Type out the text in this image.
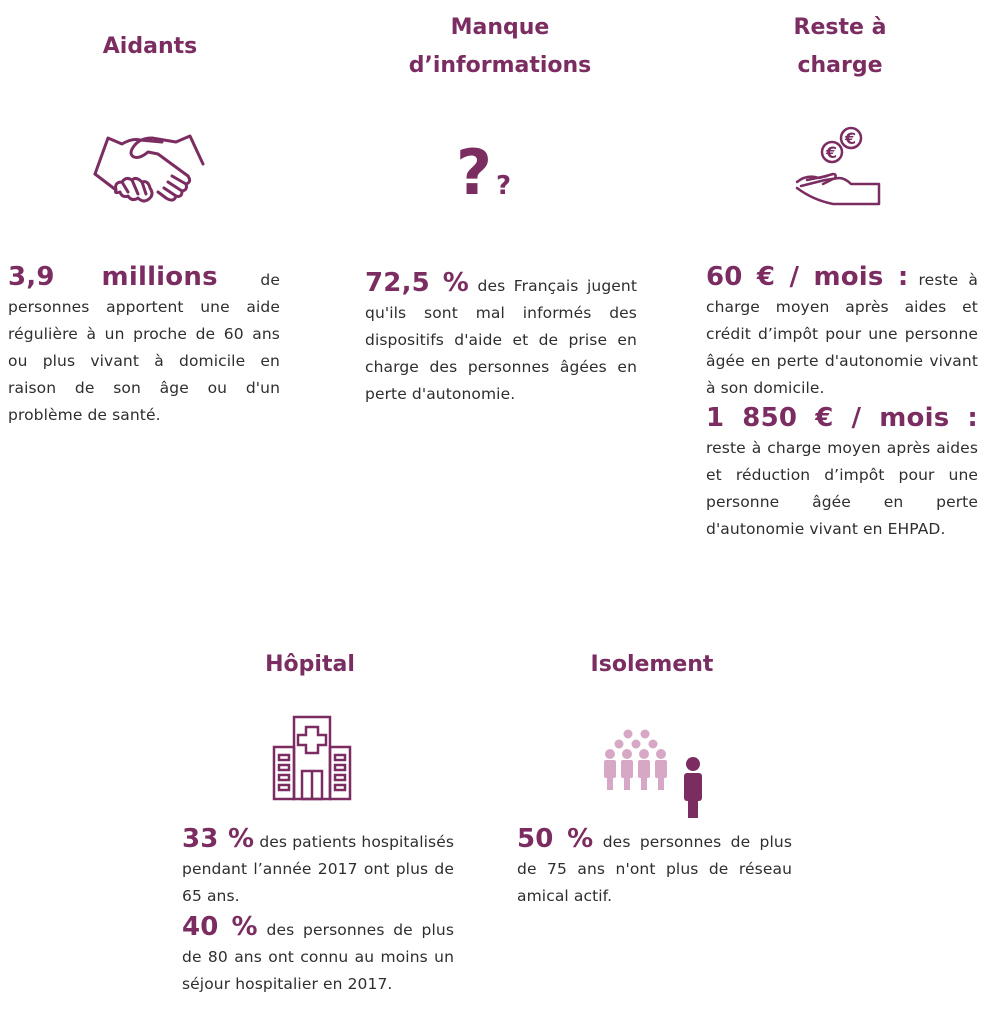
Aidants

3,9 millions de personnes apportent une aide régulière à un proche de 60 ans ou plus vivant à domicile en raison de son âge ou d'un problème de santé.

Manque
d’informations
? ?

72,5 % des Français jugent qu'ils sont mal informés des dispositifs d'aide et de prise en charge des personnes âgées en perte d'autonomie.

Reste à
charge
€
€

60 € / mois : reste à charge moyen après aides et crédit d’impôt pour une personne âgée en perte d'autonomie vivant à son domicile.

1 850 € / mois : reste à charge moyen après aides et réduction d’impôt pour une personne âgée en perte d'autonomie vivant en EHPAD.

Hôpital

33 % des patients hospitalisés pendant l’année 2017 ont plus de 65 ans.

40 % des personnes de plus de 80 ans ont connu au moins un séjour hospitalier en 2017.

Isolement

50 % des personnes de plus de 75 ans n'ont plus de réseau amical actif.
